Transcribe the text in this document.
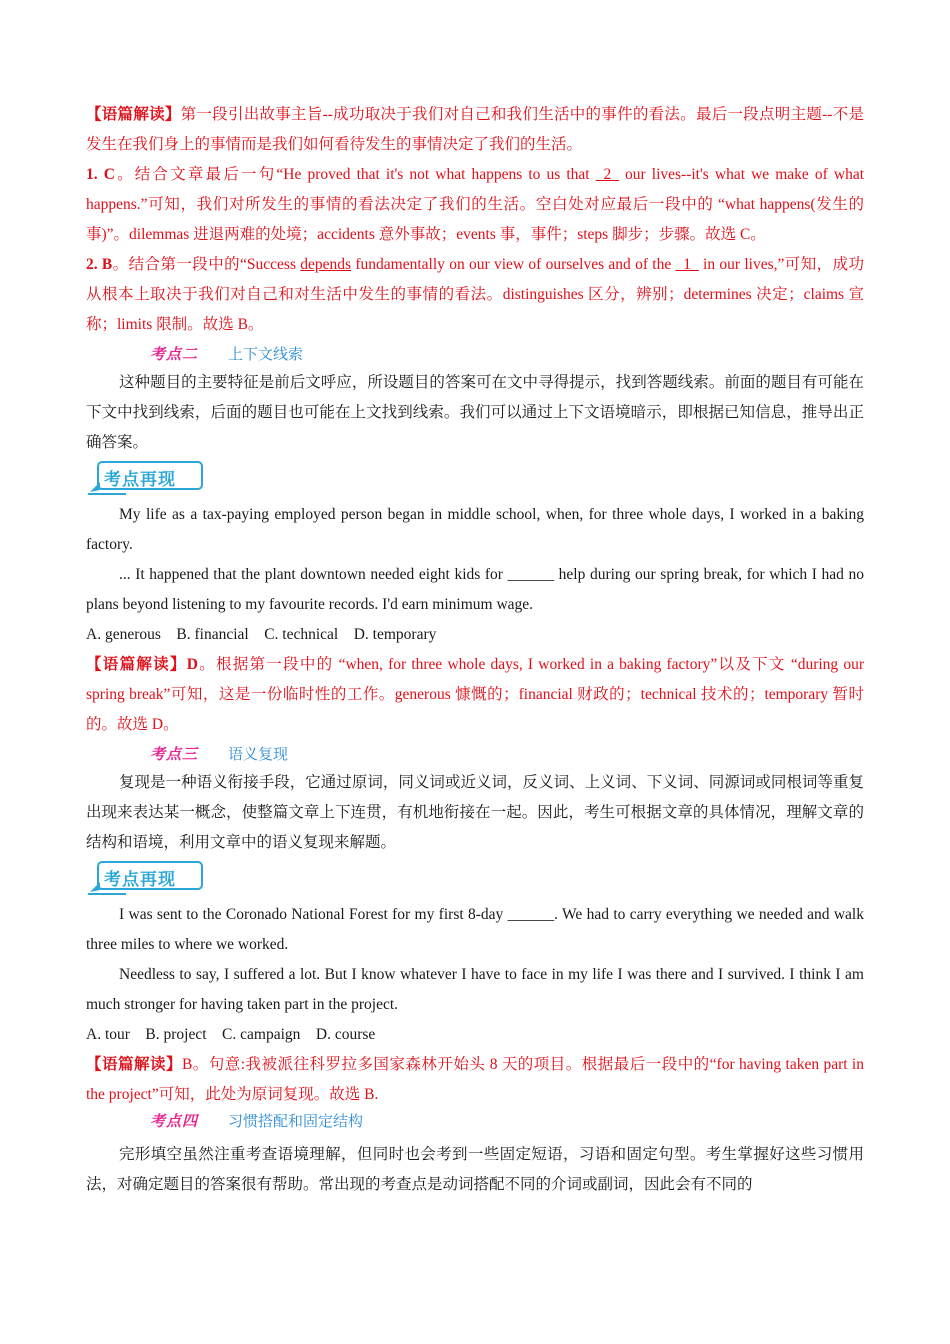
【语篇解读】第一段引出故事主旨--成功取决于我们对自己和我们生活中的事件的看法。最后一段点明主题--不是发生在我们身上的事情而是我们如何看待发生的事情决定了我们的生活。

1. C。结合文章最后一句“He proved that it's not what happens to us that _2_ our lives--it's what we make of what happens.”可知，我们对所发生的事情的看法决定了我们的生活。空白处对应最后一段中的 “what happens(发生的事)”。dilemmas 进退两难的处境；accidents 意外事故；events 事，事件；steps 脚步；步骤。故选 C。

2. B。结合第一段中的“Success depends fundamentally on our view of ourselves and of the _1_ in our lives,”可知，成功从根本上取决于我们对自己和对生活中发生的事情的看法。distinguishes 区分，辨别；determines 决定；claims 宣称；limits 限制。故选 B。

考点二 上下文线索

这种题目的主要特征是前后文呼应，所设题目的答案可在文中寻得提示，找到答题线索。前面的题目有可能在下文中找到线索，后面的题目也可能在上文找到线索。我们可以通过上下文语境暗示，即根据已知信息，推导出正确答案。

考点再现

My life as a tax-paying employed person began in middle school, when, for three whole days, I worked in a baking factory.

... It happened that the plant downtown needed eight kids for ______ help during our spring break, for which I had no plans beyond listening to my favourite records. I'd earn minimum wage.

A. generous    B. financial    C. technical    D. temporary

【语篇解读】D。根据第一段中的 “when, for three whole days, I worked in a baking factory”以及下文 “during our spring break”可知，这是一份临时性的工作。generous 慷慨的；financial 财政的；technical 技术的；temporary 暂时的。故选 D。

考点三 语义复现

复现是一种语义衔接手段，它通过原词，同义词或近义词，反义词、上义词、下义词、同源词或同根词等重复出现来表达某一概念，使整篇文章上下连贯，有机地衔接在一起。因此，考生可根据文章的具体情况，理解文章的结构和语境，利用文章中的语义复现来解题。

考点再现

I was sent to the Coronado National Forest for my first 8-day ______. We had to carry everything we needed and walk three miles to where we worked.

Needless to say, I suffered a lot. But I know whatever I have to face in my life I was there and I survived. I think I am much stronger for having taken part in the project.

A. tour    B. project    C. campaign    D. course

【语篇解读】B。句意:我被派往科罗拉多国家森林开始头 8 天的项目。根据最后一段中的“for having taken part in the project”可知，此处为原词复现。故选 B.

考点四 习惯搭配和固定结构

完形填空虽然注重考查语境理解，但同时也会考到一些固定短语，习语和固定句型。考生掌握好这些习惯用法，对确定题目的答案很有帮助。常出现的考查点是动词搭配不同的介词或副词，因此会有不同的
